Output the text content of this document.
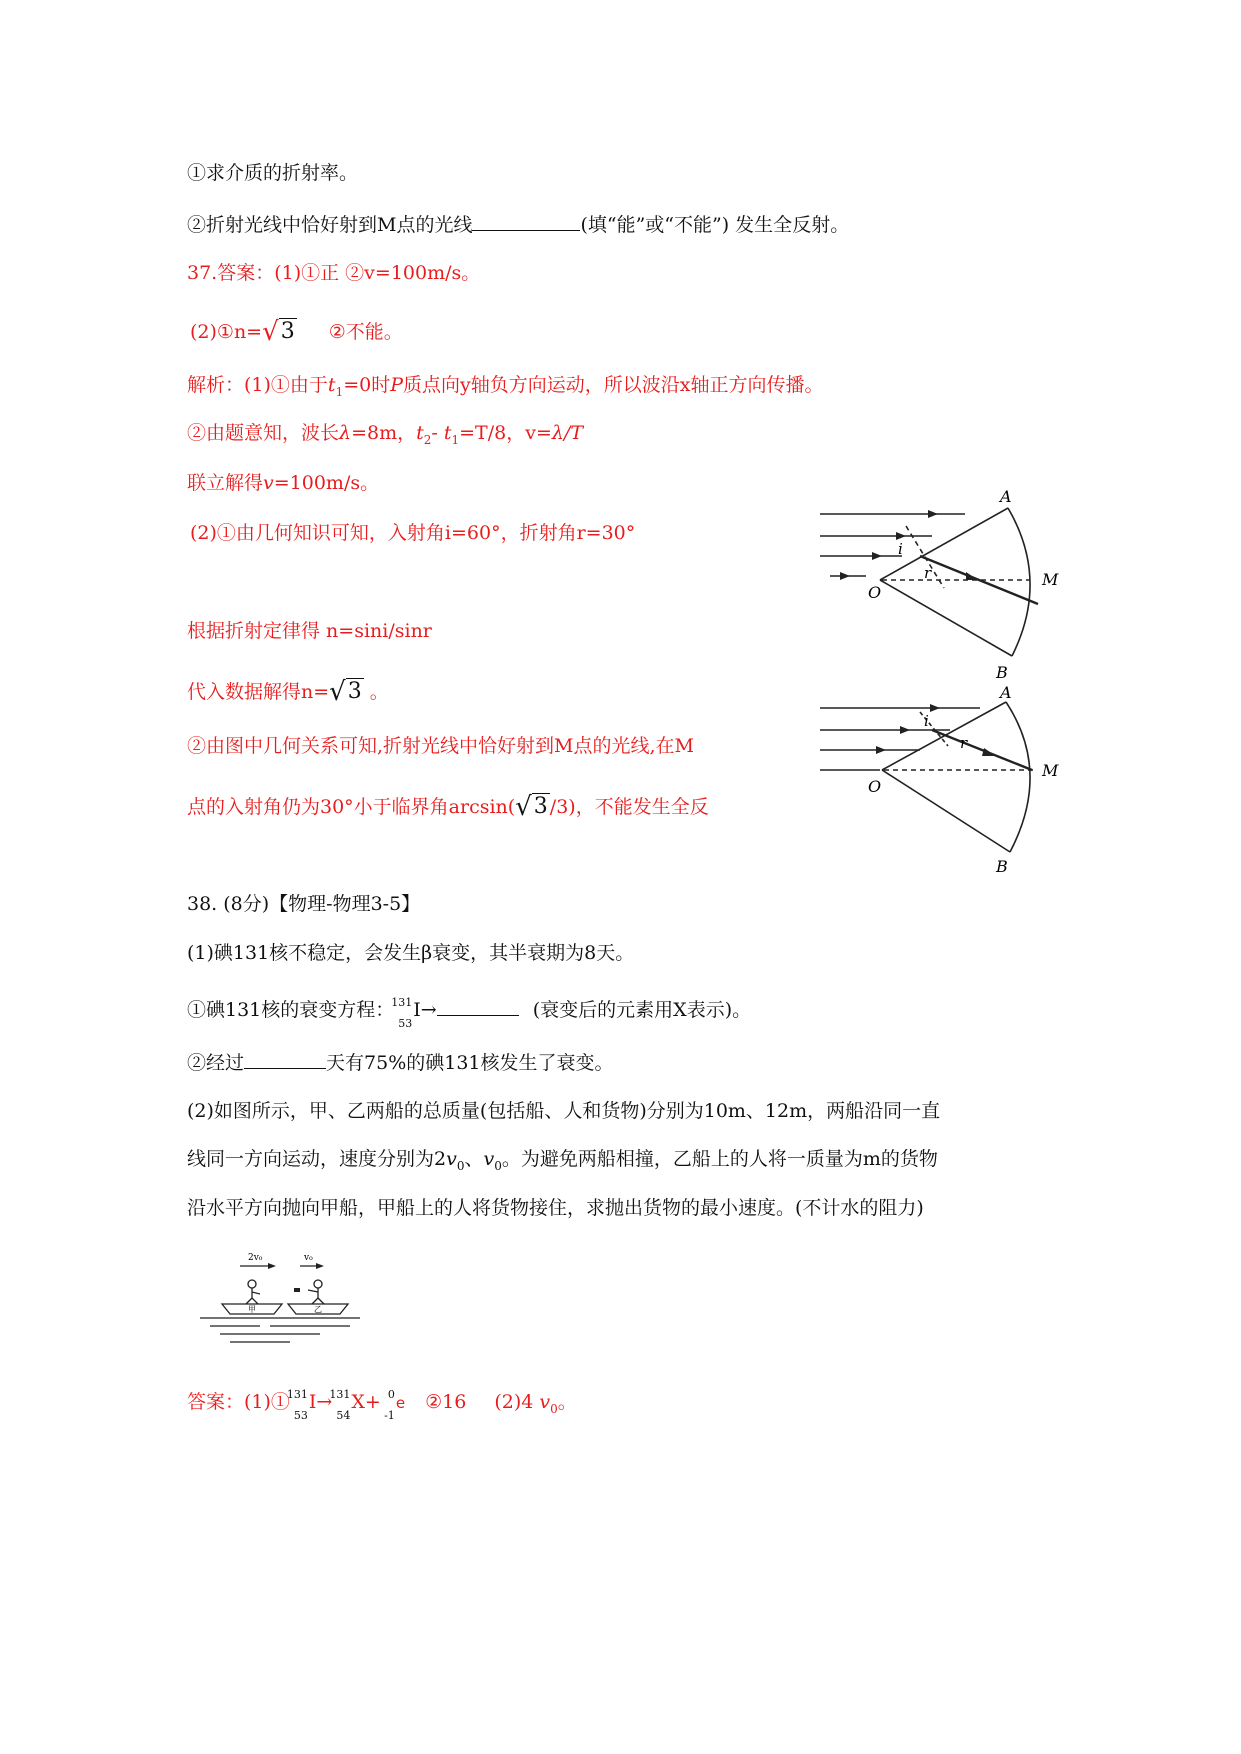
①求介质的折射率。
②折射光线中恰好射到M点的光线	(填“能”或“不能”) 发生全反射。
37.答案：(1)①正 ②v=100m/s。
(2)①n=√3 ②不能。
解析：(1)①由于$t_1=0$时P质点向y轴负方向运动，所以波沿x轴正方向传播。
②由题意知，波长λ=8m，$t_2-$ $t_1=T/8$，v=λ/T
联立解得v=100m/s。
(2)①由几何知识可知，入射角i=60°，折射角r=30°
根据折射定律得 n=sini/sinr
代入数据解得n=√3 。
②由图中几何关系可知,折射光线中恰好射到M点的光线,在M
点的入射角仍为30°小于临界角arcsin(√3 /3)，不能发生全反
A
M
O
B
i
r
A
M
O
B
i
r
38. (8分)【物理-物理3-5】
(1)碘131核不稳定，会发生β衰变，其半衰期为8天。
①碘131核的衰变方程：
131
53
I→	(衰变后的元素用X表示)。
②经过	天有75%的碘131核发生了衰变。
(2)如图所示，甲、乙两船的总质量(包括船、人和货物)分别为10m、12m，两船沿同一直
线同一方向运动，速度分别为$2v_0$、$v_0$。为避免两船相撞，乙船上的人将一质量为m的货物
沿水平方向抛向甲船，甲船上的人将货物接住，求抛出货物的最小速度。(不计水的阻力)
2v₀	v₀
甲	乙
答案：(1)①
131
53
I→
131
54
X+ 0
-1
e ②16 (2)4 $v_0$。
